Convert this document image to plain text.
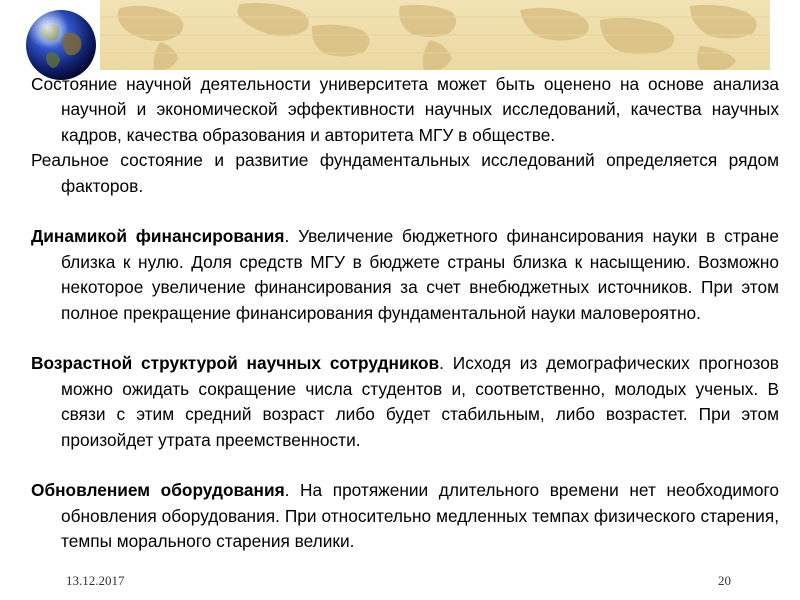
Состояние научной деятельности университета может быть оценено на основе анализа научной и экономической эффективности научных исследований, качества научных кадров, качества образования и авторитета МГУ в обществе.

Реальное состояние и развитие фундаментальных исследований определяется рядом факторов.

Динамикой финансирования. Увеличение бюджетного финансирования науки в стране близка к нулю. Доля средств МГУ в бюджете страны близка к насыщению. Возможно некоторое увеличение финансирования за счет внебюджетных источников. При этом полное прекращение финансирования фундаментальной науки маловероятно.

Возрастной структурой научных сотрудников. Исходя из демографических прогнозов можно ожидать сокращение числа студентов и, соответственно, молодых ученых. В связи с этим средний возраст либо будет стабильным, либо возрастет. При этом произойдет утрата преемственности.

Обновлением оборудования. На протяжении длительного времени нет необходимого обновления оборудования. При относительно медленных темпах физического старения, темпы морального старения велики.

13.12.2017	20
